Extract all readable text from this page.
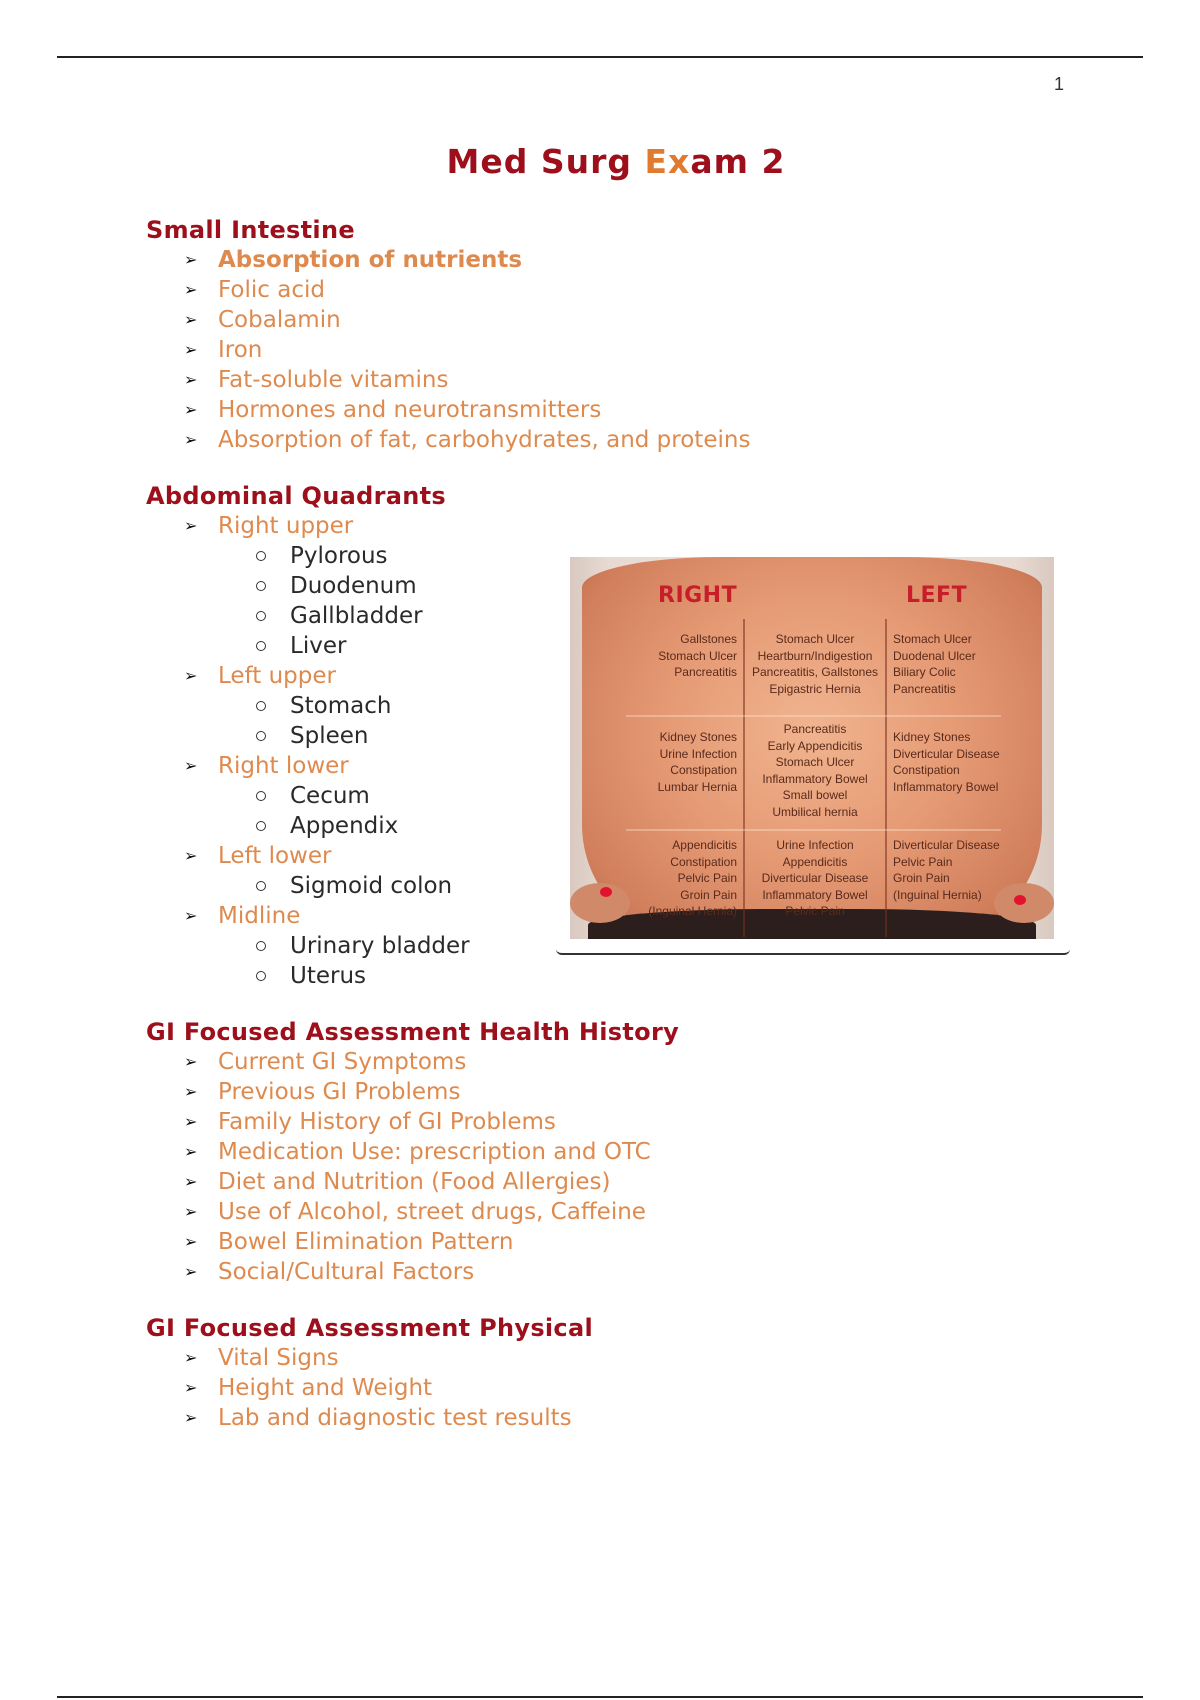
1
Med Surg Exam 2
Small Intestine
➢ Absorption of nutrients
➢ Folic acid
➢ Cobalamin
➢ Iron
➢ Fat-soluble vitamins
➢ Hormones and neurotransmitters
➢ Absorption of fat, carbohydrates, and proteins
Abdominal Quadrants
➢ Right upper
Pylorous
Duodenum
Gallbladder
Liver
➢ Left upper
Stomach
Spleen
➢ Right lower
Cecum
Appendix
➢ Left lower
Sigmoid colon
➢ Midline
Urinary bladder
Uterus
GI Focused Assessment Health History
➢ Current GI Symptoms
➢ Previous GI Problems
➢ Family History of GI Problems
➢ Medication Use: prescription and OTC
➢ Diet and Nutrition (Food Allergies)
➢ Use of Alcohol, street drugs, Caffeine
➢ Bowel Elimination Pattern
➢ Social/Cultural Factors
GI Focused Assessment Physical
➢ Vital Signs
➢ Height and Weight
➢ Lab and diagnostic test results
RIGHT	LEFT
Gallstones
Stomach Ulcer
Pancreatitis
Stomach Ulcer
Heartburn/Indigestion
Pancreatitis, Gallstones
Epigastric Hernia
Stomach Ulcer
Duodenal Ulcer
Biliary Colic
Pancreatitis
Kidney Stones
Urine Infection
Constipation
Lumbar Hernia
Pancreatitis
Early Appendicitis
Stomach Ulcer
Inflammatory Bowel
Small bowel
Umbilical hernia
Kidney Stones
Diverticular Disease
Constipation
Inflammatory Bowel
Appendicitis
Constipation
Pelvic Pain
Groin Pain
(Inguinal Hernia)
Urine Infection
Appendicitis
Diverticular Disease
Inflammatory Bowel
Pelvic Pain
Diverticular Disease
Pelvic Pain
Groin Pain
(Inguinal Hernia)
